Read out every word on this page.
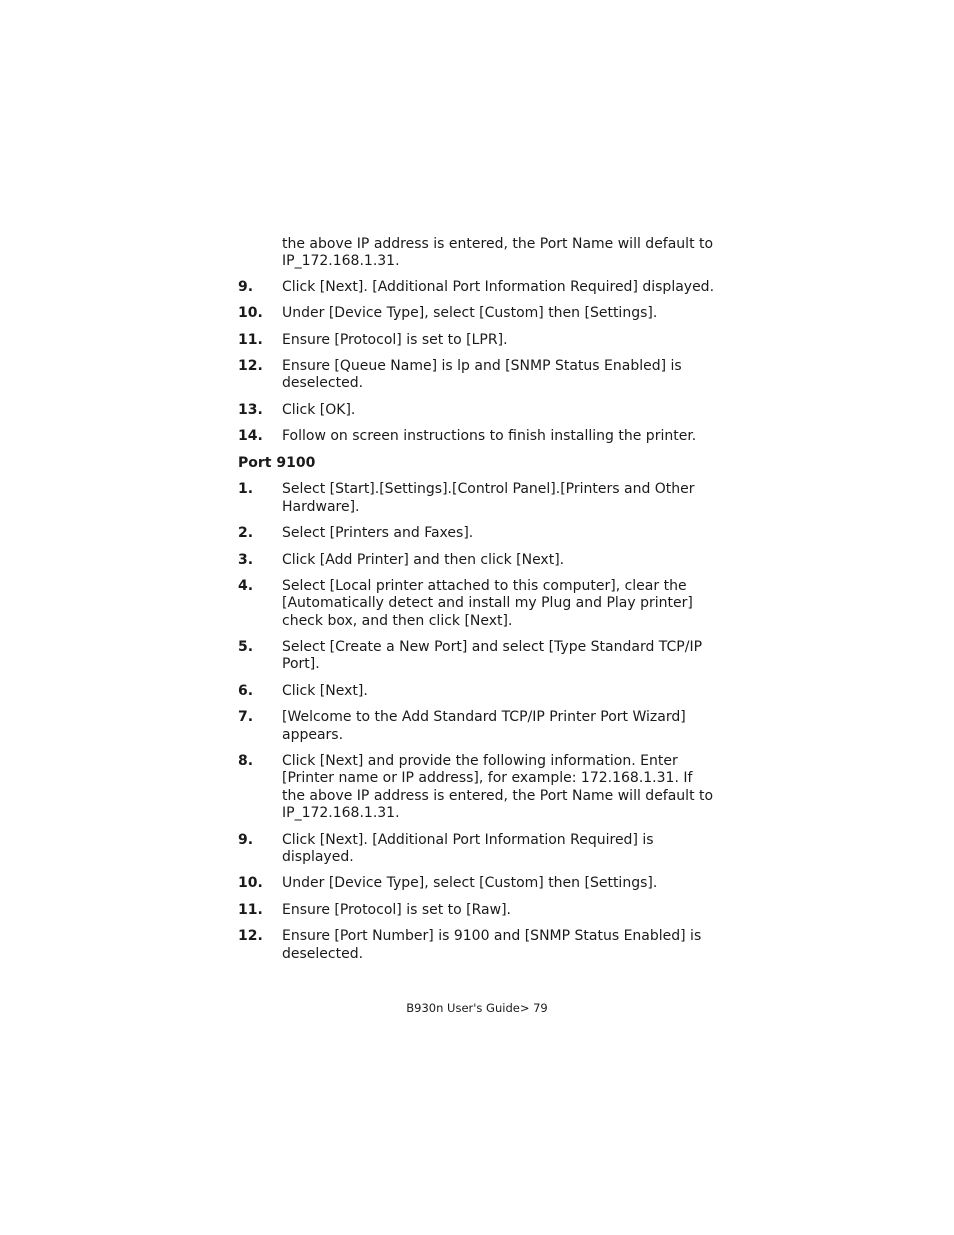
the above IP address is entered, the Port Name will default to IP_172.168.1.31.

9.	Click [Next]. [Additional Port Information Required] displayed.
10.	Under [Device Type], select [Custom] then [Settings].
11.	Ensure [Protocol] is set to [LPR].
12.	Ensure [Queue Name] is lp and [SNMP Status Enabled] is deselected.
13.	Click [OK].
14.	Follow on screen instructions to finish installing the printer.
Port 9100
1.	Select [Start].[Settings].[Control Panel].[Printers and Other Hardware].
2.	Select [Printers and Faxes].
3.	Click [Add Printer] and then click [Next].
4.	Select [Local printer attached to this computer], clear the [Automatically detect and install my Plug and Play printer] check box, and then click [Next].
5.	Select [Create a New Port] and select [Type Standard TCP/IP Port].
6.	Click [Next].
7.	[Welcome to the Add Standard TCP/IP Printer Port Wizard] appears.
8.	Click [Next] and provide the following information. Enter [Printer name or IP address], for example: 172.168.1.31. If the above IP address is entered, the Port Name will default to IP_172.168.1.31.
9.	Click [Next]. [Additional Port Information Required] is displayed.
10.	Under [Device Type], select [Custom] then [Settings].
11.	Ensure [Protocol] is set to [Raw].
12.	Ensure [Port Number] is 9100 and [SNMP Status Enabled] is deselected.
B930n User's Guide> 79
